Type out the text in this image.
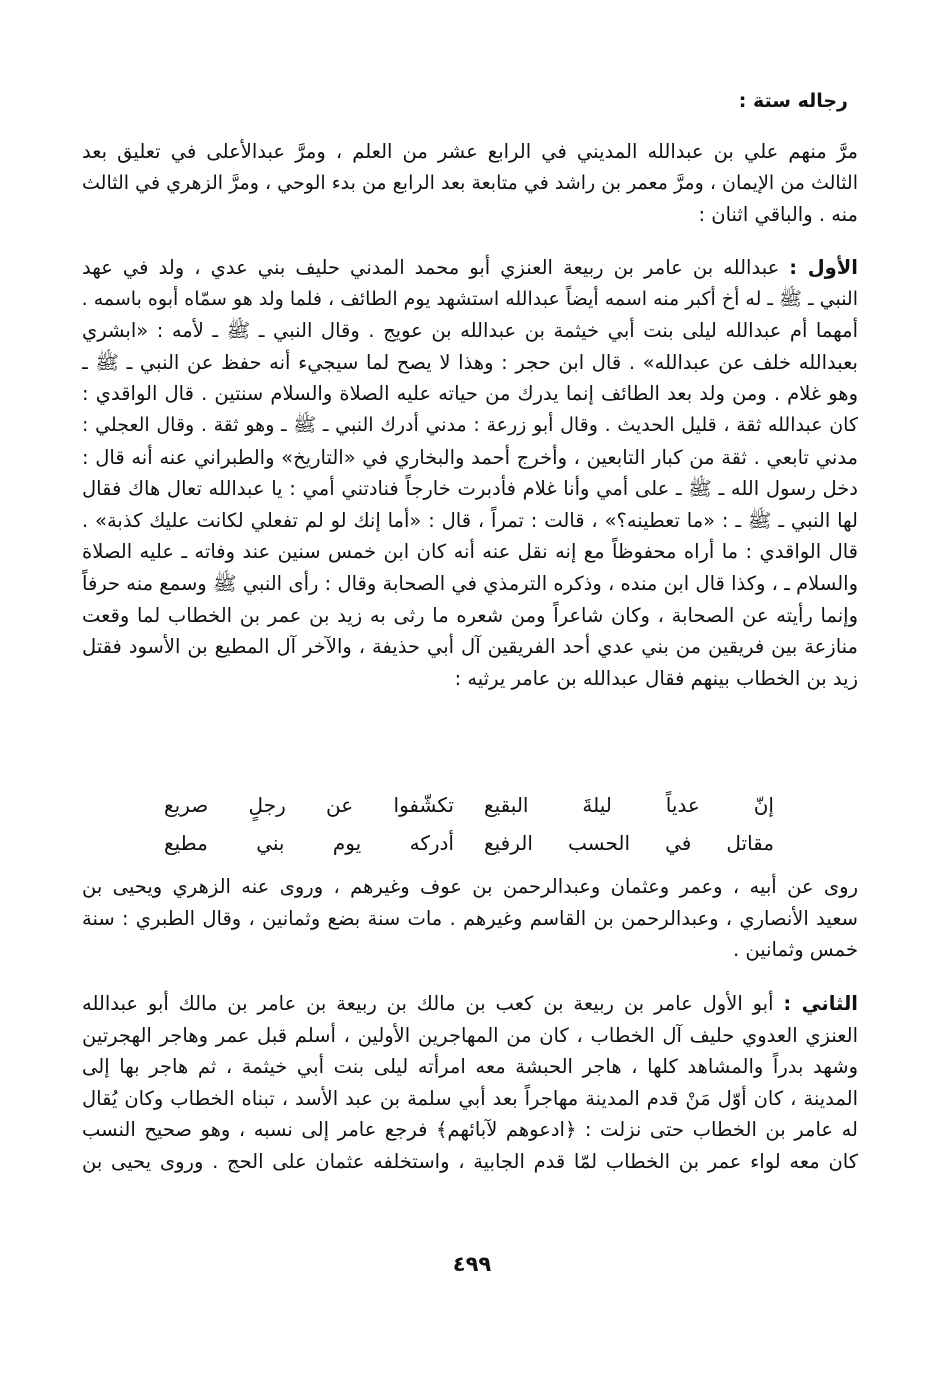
رجاله ستة :
مرَّ منهم علي بن عبدالله المديني في الرابع عشر من العلم ، ومرَّ عبدالأعلى في تعليق بعد
الثالث من الإيمان ، ومرَّ معمر بن راشد في متابعة بعد الرابع من بدء الوحي ، ومرَّ الزهري في الثالث
منه . والباقي اثنان :
الأول : عبدالله بن عامر بن ربيعة العنزي أبو محمد المدني حليف بني عدي ، ولد في عهد
النبي ـ ﷺ ـ له أخ أكبر منه اسمه أيضاً عبدالله استشهد يوم الطائف ، فلما ولد هو سمّاه أبوه باسمه .
أمهما أم عبدالله ليلى بنت أبي خيثمة بن عبدالله بن عويج . وقال النبي ـ ﷺ ـ لأمه : «ابشري
بعبدالله خلف عن عبدالله» . قال ابن حجر : وهذا لا يصح لما سيجيء أنه حفظ عن النبي ـ ﷺ ـ
وهو غلام . ومن ولد بعد الطائف إنما يدرك من حياته عليه الصلاة والسلام سنتين . قال الواقدي :
كان عبدالله ثقة ، قليل الحديث . وقال أبو زرعة : مدني أدرك النبي ـ ﷺ ـ وهو ثقة . وقال العجلي :
مدني تابعي . ثقة من كبار التابعين ، وأخرج أحمد والبخاري في «التاريخ» والطبراني عنه أنه قال :
دخل رسول الله ـ ﷺ ـ على أمي وأنا غلام فأدبرت خارجاً فنادتني أمي : يا عبدالله تعال هاك فقال
لها النبي ـ ﷺ ـ : «ما تعطينه؟» ، قالت : تمراً ، قال : «أما إنك لو لم تفعلي لكانت عليك كذبة» .
قال الواقدي : ما أراه محفوظاً مع إنه نقل عنه أنه كان ابن خمس سنين عند وفاته ـ عليه الصلاة
والسلام ـ ، وكذا قال ابن منده ، وذكره الترمذي في الصحابة وقال : رأى النبي ﷺ وسمع منه حرفاً
وإنما رأيته عن الصحابة ، وكان شاعراً ومن شعره ما رثى به زيد بن عمر بن الخطاب لما وقعت
منازعة بين فريقين من بني عدي أحد الفريقين آل أبي حذيفة ، والآخر آل المطيع بن الأسود فقتل
زيد بن الخطاب بينهم فقال عبدالله بن عامر يرثيه :
إنّ عدياً ليلةَ البقيع
تكشّفوا عن رجلٍ صريع
مقاتل في الحسب الرفيع
أدركه يوم بني مطيع
روى عن أبيه ، وعمر وعثمان وعبدالرحمن بن عوف وغيرهم ، وروى عنه الزهري ويحيى بن
سعيد الأنصاري ، وعبدالرحمن بن القاسم وغيرهم . مات سنة بضع وثمانين ، وقال الطبري : سنة
خمس وثمانين .
الثاني : أبو الأول عامر بن ربيعة بن كعب بن مالك بن ربيعة بن عامر بن مالك أبو عبدالله
العنزي العدوي حليف آل الخطاب ، كان من المهاجرين الأولين ، أسلم قبل عمر وهاجر الهجرتين
وشهد بدراً والمشاهد كلها ، هاجر الحبشة معه امرأته ليلى بنت أبي خيثمة ، ثم هاجر بها إلى
المدينة ، كان أوّل مَنْ قدم المدينة مهاجراً بعد أبي سلمة بن عبد الأسد ، تبناه الخطاب وكان يُقال
له عامر بن الخطاب حتى نزلت : ﴿ادعوهم لآبائهم﴾ فرجع عامر إلى نسبه ، وهو صحيح النسب
كان معه لواء عمر بن الخطاب لمّا قدم الجابية ، واستخلفه عثمان على الحج . وروى يحيى بن
٤٩٩
